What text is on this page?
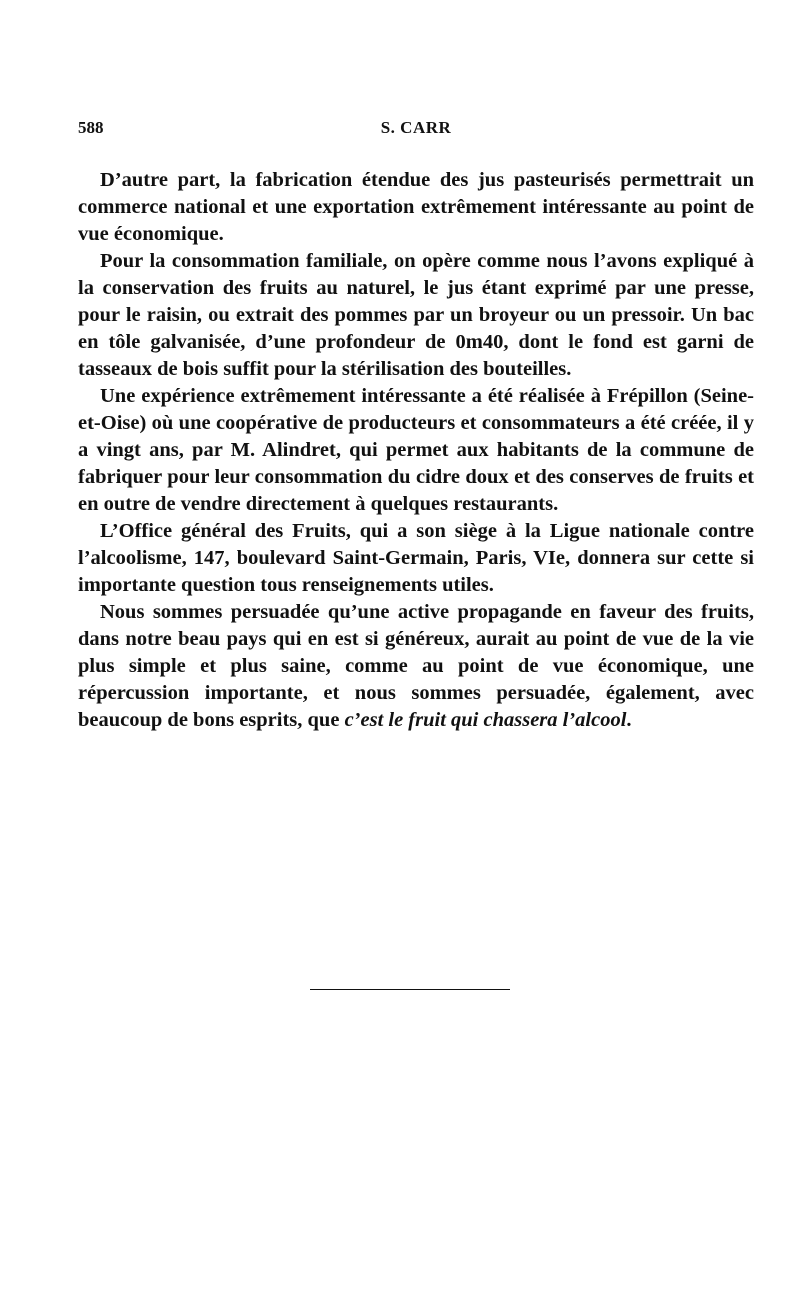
588	S. CARR

D’autre part, la fabrication étendue des jus pasteurisés permettrait un commerce national et une exportation extrêmement intéressante au point de vue économique.

Pour la consommation familiale, on opère comme nous l’avons expliqué à la conservation des fruits au naturel, le jus étant exprimé par une presse, pour le raisin, ou extrait des pommes par un broyeur ou un pressoir. Un bac en tôle galvanisée, d’une profondeur de 0m40, dont le fond est garni de tasseaux de bois suffit pour la stérilisation des bouteilles.

Une expérience extrêmement intéressante a été réalisée à Frépillon (Seine-et-Oise) où une coopérative de producteurs et consommateurs a été créée, il y a vingt ans, par M. Alindret, qui permet aux habitants de la commune de fabriquer pour leur consommation du cidre doux et des conserves de fruits et en outre de vendre directement à quelques restaurants.

L’Office général des Fruits, qui a son siège à la Ligue nationale contre l’alcoolisme, 147, boulevard Saint-Germain, Paris, VIe, donnera sur cette si importante question tous renseignements utiles.

Nous sommes persuadée qu’une active propagande en faveur des fruits, dans notre beau pays qui en est si généreux, aurait au point de vue de la vie plus simple et plus saine, comme au point de vue économique, une répercussion importante, et nous sommes persuadée, également, avec beaucoup de bons esprits, que c’est le fruit qui chassera l’alcool.
